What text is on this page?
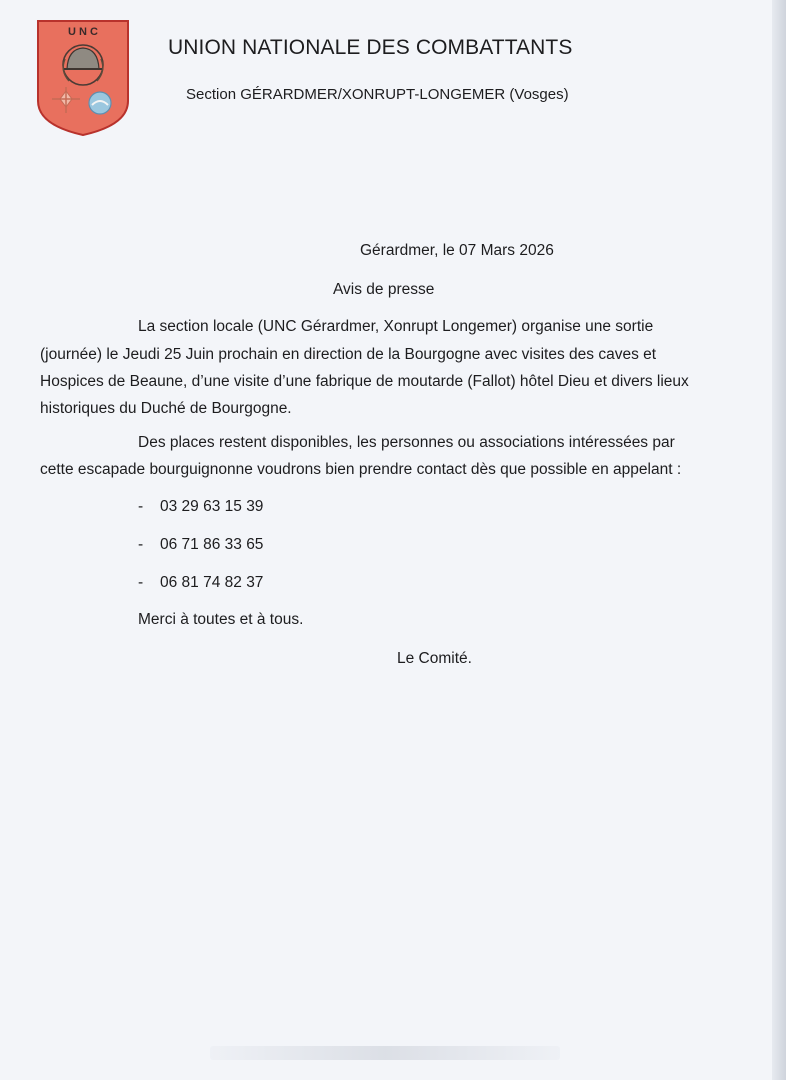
U N C
UNION NATIONALE DES COMBATTANTS
Section GÉRARDMER/XONRUPT-LONGEMER (Vosges)
Gérardmer, le 07 Mars 2026
Avis de presse
La section locale (UNC Gérardmer, Xonrupt Longemer) organise une sortie
(journée) le Jeudi 25 Juin prochain en direction de la Bourgogne avec visites des caves et
Hospices de Beaune, d’une visite d’une fabrique de moutarde (Fallot) hôtel Dieu et divers lieux
historiques du Duché de Bourgogne.
Des places restent disponibles, les personnes ou associations intéressées par
cette escapade bourguignonne voudrons bien prendre contact dès que possible en appelant :
- 03 29 63 15 39
- 06 71 86 33 65
- 06 81 74 82 37
Merci à toutes et à tous.
Le Comité.
